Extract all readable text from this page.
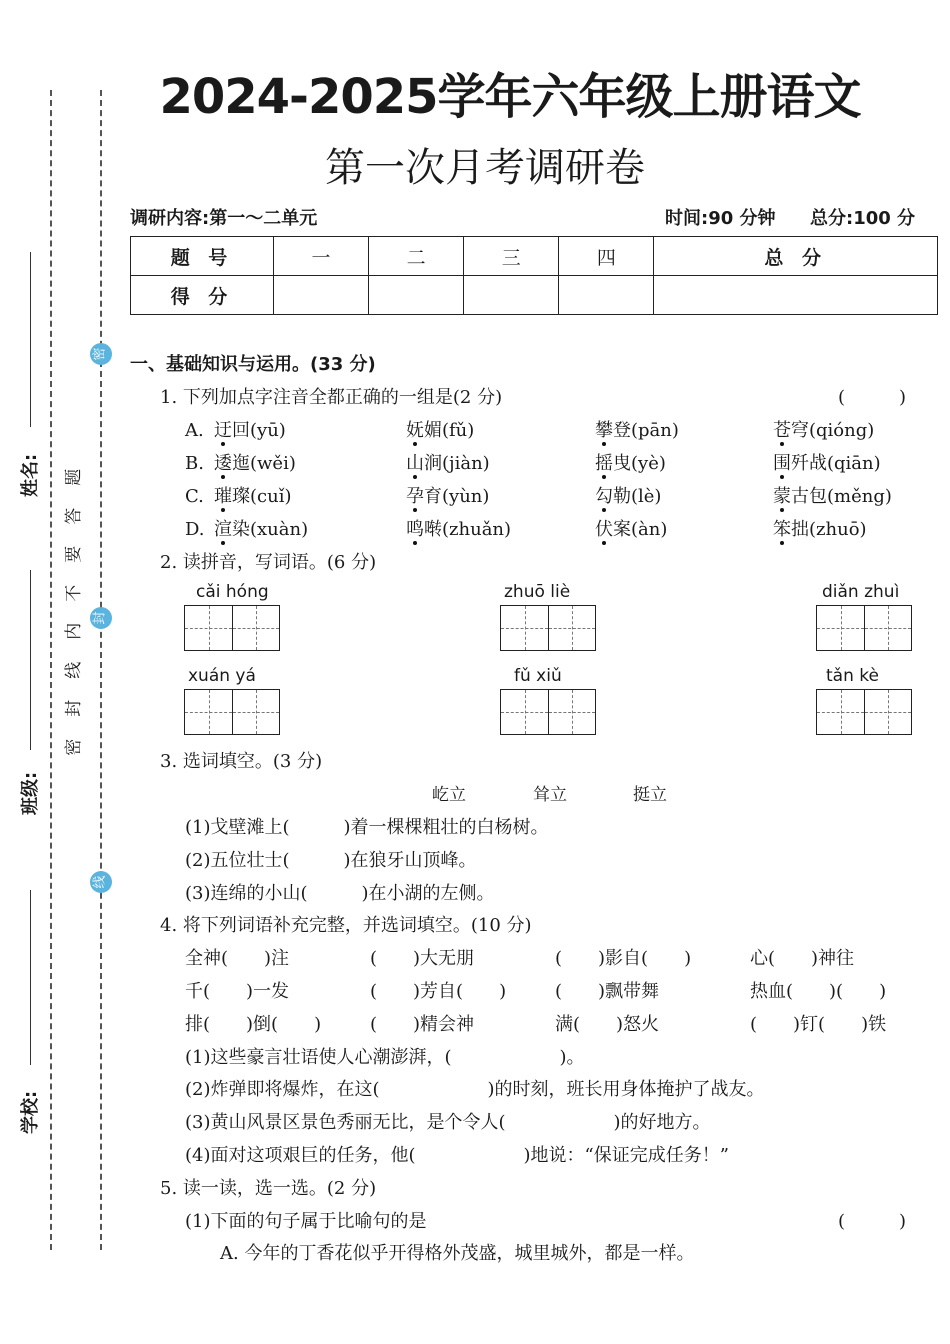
姓名:
班级:
学校:
题
答
要
不
内
线
封
密
密
封
线
2024-2025学年六年级上册语文
第一次月考调研卷
调研内容:第一～二单元	时间:90 分钟 总分:100 分
题 号	一	二	三	四	总 分
得 分					
一、基础知识与运用。(33 分)
1. 下列加点字注音全都正确的一组是(2 分)	(　　　)
A.迂回(yū)	妩媚(fǔ)	攀登(pān)	苍穹(qióng)
B.逶迤(wěi)	山涧(jiàn)	摇曳(yè)	围歼战(qiān)
C.璀璨(cuǐ)	孕育(yùn)	勾勒(lè)	蒙古包(měng)
D.渲染(xuàn)	鸣啭(zhuǎn)	伏案(àn)	笨拙(zhuō)
2. 读拼音，写词语。(6 分)
cǎi hóng	zhuō liè	diǎn zhuì
xuán yá	fǔ xiǔ	tǎn kè
3. 选词填空。(3 分)
屹立	耸立	挺立
(1)戈壁滩上(　　　)着一棵棵粗壮的白杨树。
(2)五位壮士(　　　)在狼牙山顶峰。
(3)连绵的小山(　　　)在小湖的左侧。
4. 将下列词语补充完整，并选词填空。(10 分)
全神(　　)注	(　　)大无朋	(　　)影自(　　)	心(　　)神往
千(　　)一发	(　　)芳自(　　)	(　　)飘带舞	热血(　　)(　　)
排(　　)倒(　　)	(　　)精会神	满(　　)怒火	(　　)钉(　　)铁
(1)这些豪言壮语使人心潮澎湃，(　　　　　　)。
(2)炸弹即将爆炸，在这(　　　　　　)的时刻，班长用身体掩护了战友。
(3)黄山风景区景色秀丽无比，是个令人(　　　　　　)的好地方。
(4)面对这项艰巨的任务，他(　　　　　　)地说：“保证完成任务！”
5. 读一读，选一选。(2 分)
(1)下面的句子属于比喻句的是	(　　　)
A. 今年的丁香花似乎开得格外茂盛，城里城外，都是一样。
